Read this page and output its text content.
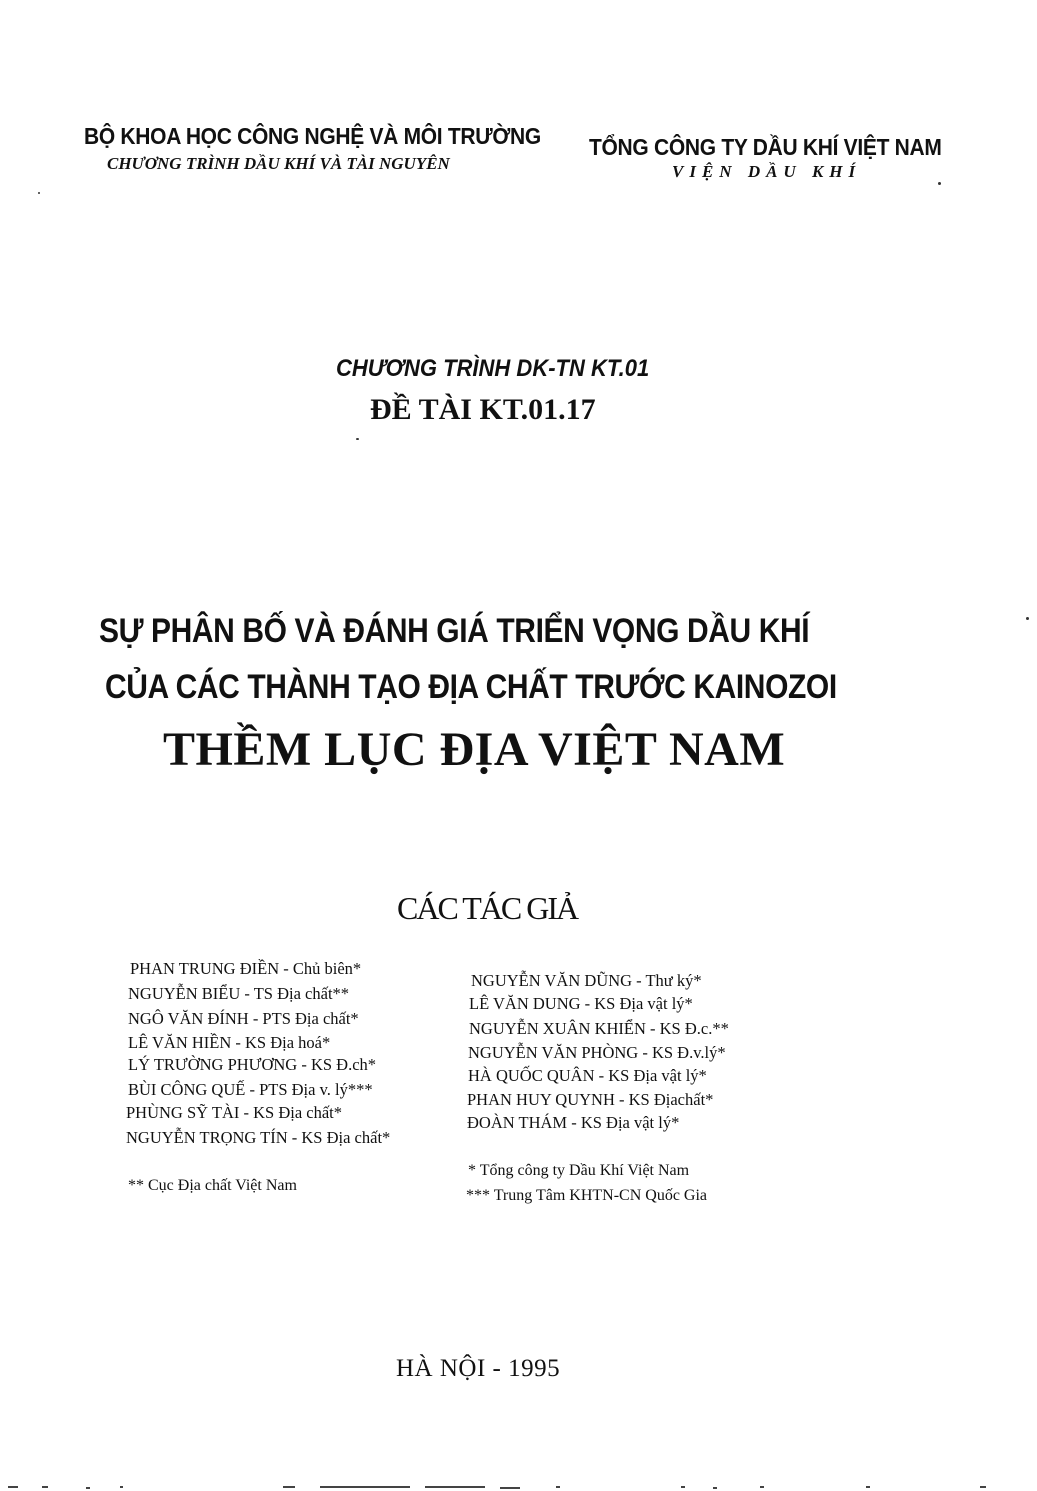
BỘ KHOA HỌC CÔNG NGHỆ VÀ MÔI TRƯỜNG
CHƯƠNG TRÌNH DẦU KHÍ VÀ TÀI NGUYÊN
TỔNG CÔNG TY DẦU KHÍ VIỆT NAM
VIỆN DẦU KHÍ
CHƯƠNG TRÌNH DK-TN KT.01
ĐỀ TÀI KT.01.17
SỰ PHÂN BỐ VÀ ĐÁNH GIÁ TRIỂN VỌNG DẦU KHÍ
CỦA CÁC THÀNH TẠO ĐỊA CHẤT TRƯỚC KAINOZOI
THỀM LỤC ĐỊA VIỆT NAM
CÁC TÁC GIẢ
PHAN TRUNG ĐIỀN - Chủ biên*
NGUYỄN BIỂU - TS Địa chất**
NGÔ VĂN ĐÍNH - PTS Địa chất*
LÊ VĂN HIỀN - KS Địa hoá*
LÝ TRƯỜNG PHƯƠNG - KS Đ.ch*
BÙI CÔNG QUẾ - PTS Địa v. lý***
PHÙNG SỸ TÀI - KS Địa chất*
NGUYỄN TRỌNG TÍN - KS Địa chất*
NGUYỄN VĂN DŨNG - Thư ký*
LÊ VĂN DUNG - KS Địa vật lý*
NGUYỄN XUÂN KHIỂN - KS Đ.c.**
NGUYỄN VĂN PHÒNG - KS Đ.v.lý*
HÀ QUỐC QUÂN - KS Địa vật lý*
PHAN HUY QUYNH - KS Địachất*
ĐOÀN THÁM - KS Địa vật lý*
** Cục Địa chất Việt Nam
* Tổng công ty Dầu Khí Việt Nam
*** Trung Tâm KHTN-CN Quốc Gia
HÀ NỘI - 1995
